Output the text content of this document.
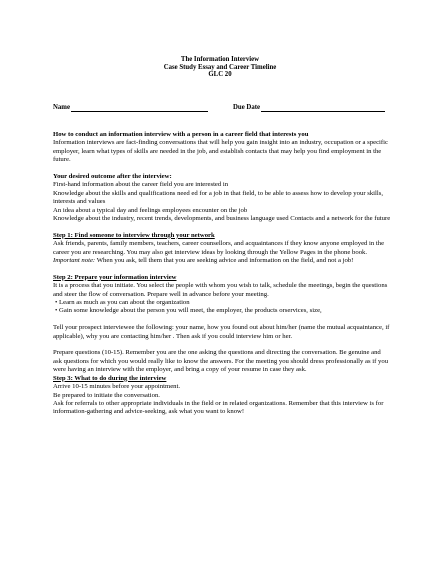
The Information Interview
Case Study Essay and Career Timeline
GLC 20
Name	Due Date

How to conduct an information interview with a person in a career field that interests you

Information interviews are fact-finding conversations that will help you gain insight into an industry, occupation or a specific employer, learn what types of skills are needed in the job, and establish contacts that may help you find employment in the future.

Your desired outcome after the interview:

First-hand information about the career field you are interested in

Knowledge about the skills and qualifications need ed for a job in that field, to be able to assess how to develop your skills, interests and values

An idea about a typical day and feelings employees encounter on the job

Knowledge about the industry, recent trends, developments, and business language used Contacts and a network for the future

Step 1: Find someone to interview through your network

Ask friends, parents, family members, teachers, career counsellors, and acquaintances if they know anyone employed in the career you are researching. You may also get interview ideas by looking through the Yellow Pages in the phone book.

Important note: When you ask, tell them that you are seeking advice and information on the field, and not a job!

Step 2: Prepare your information interview

It is a process that you initiate. You select the people with whom you wish to talk, schedule the meetings, begin the questions and steer the flow of conversation. Prepare well in advance before your meeting.

• Learn as much as you can about the organization

• Gain some knowledge about the person you will meet, the employer, the products orservices, size,

Tell your prospect interviewee the following: your name, how you found out about him/her (name the mutual acquaintance, if applicable), why you are contacting him/her . Then ask if you could interview him or her.

Prepare questions (10-15). Remember you are the one asking the questions and directing the conversation. Be genuine and ask questions for which you would really like to know the answers. For the meeting you should dress professionally as if you were having an interview with the employer, and bring a copy of your resume in case they ask.

Step 3: What to do during the interview

Arrive 10-15 minutes before your appointment.

Be prepared to initiate the conversation.

Ask for referrals to other appropriate individuals in the field or in related organizations. Remember that this interview is for information-gathering and advice-seeking, ask what you want to know!
